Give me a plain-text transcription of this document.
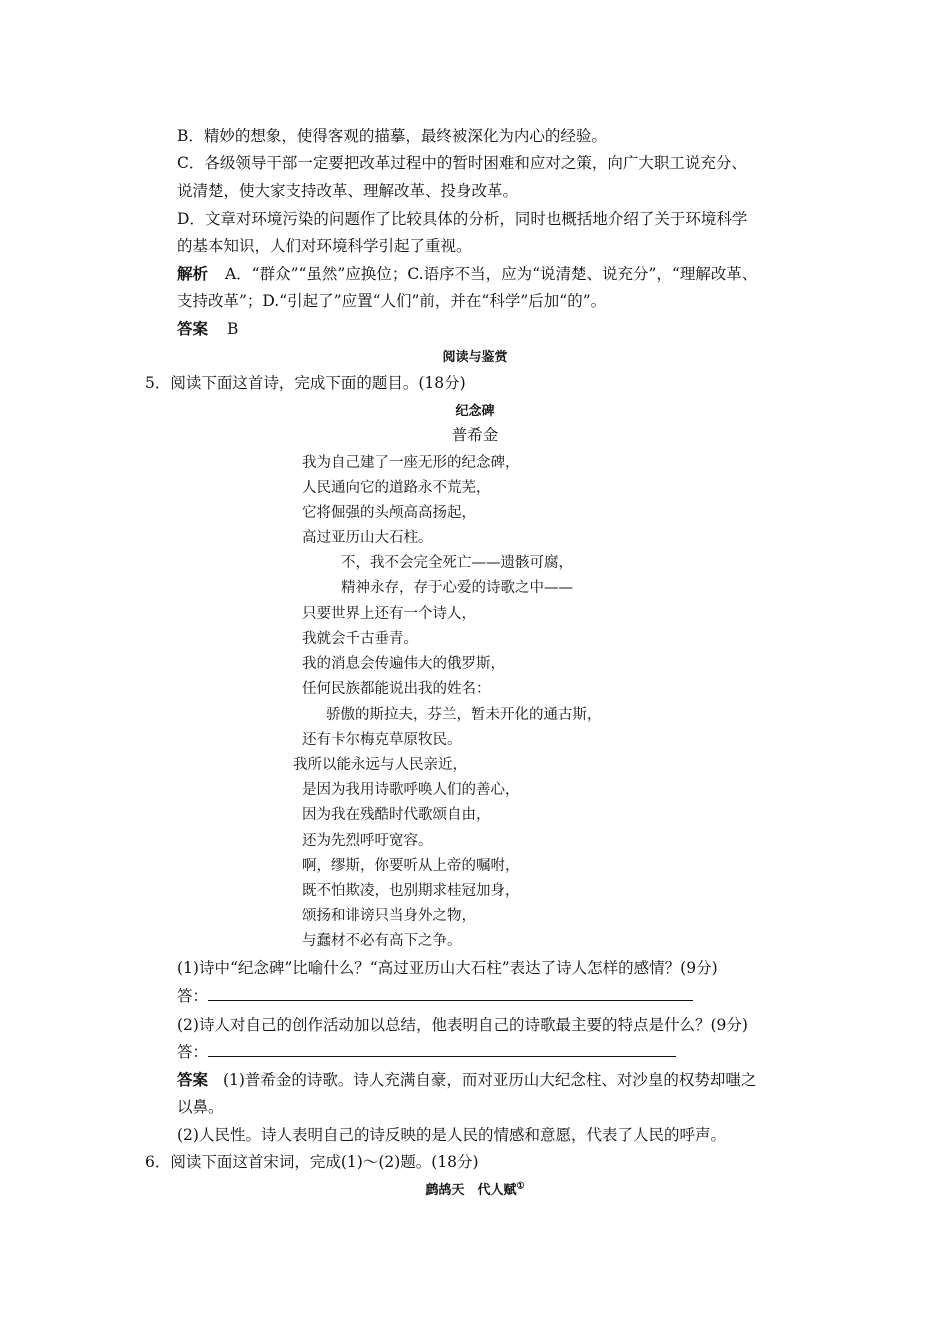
B．精妙的想象，使得客观的描摹，最终被深化为内心的经验。
C．各级领导干部一定要把改革过程中的暂时困难和应对之策，向广大职工说充分、
说清楚，使大家支持改革、理解改革、投身改革。
D．文章对环境污染的问题作了比较具体的分析，同时也概括地介绍了关于环境科学
的基本知识，人们对环境科学引起了重视。
解析 A．“群众”“虽然”应换位；C.语序不当，应为“说清楚、说充分”，“理解改革、
支持改革”；D.“引起了”应置“人们”前，并在“科学”后加“的”。
答案 B
阅读与鉴赏
5．阅读下面这首诗，完成下面的题目。(18分)
纪念碑
普希金
我为自己建了一座无形的纪念碑，
人民通向它的道路永不荒芜，
它将倔强的头颅高高扬起，
高过亚历山大石柱。
不，我不会完全死亡——遗骸可腐，
精神永存，存于心爱的诗歌之中——
只要世界上还有一个诗人，
我就会千古垂青。
我的消息会传遍伟大的俄罗斯，
任何民族都能说出我的姓名：
骄傲的斯拉夫，芬兰，暂未开化的通古斯，
还有卡尔梅克草原牧民。
我所以能永远与人民亲近，
是因为我用诗歌呼唤人们的善心，
因为我在残酷时代歌颂自由，
还为先烈呼吁宽容。
啊，缪斯，你要听从上帝的嘱咐，
既不怕欺凌，也别期求桂冠加身，
颂扬和诽谤只当身外之物，
与蠢材不必有高下之争。
(1)诗中“纪念碑”比喻什么？“高过亚历山大石柱”表达了诗人怎样的感情？(9分)
答：
(2)诗人对自己的创作活动加以总结，他表明自己的诗歌最主要的特点是什么？(9分)
答：
答案 (1)普希金的诗歌。诗人充满自豪，而对亚历山大纪念柱、对沙皇的权势却嗤之
以鼻。
(2)人民性。诗人表明自己的诗反映的是人民的情感和意愿，代表了人民的呼声。
6．阅读下面这首宋词，完成(1)～(2)题。(18分)
鹧鸪天　代人赋①
